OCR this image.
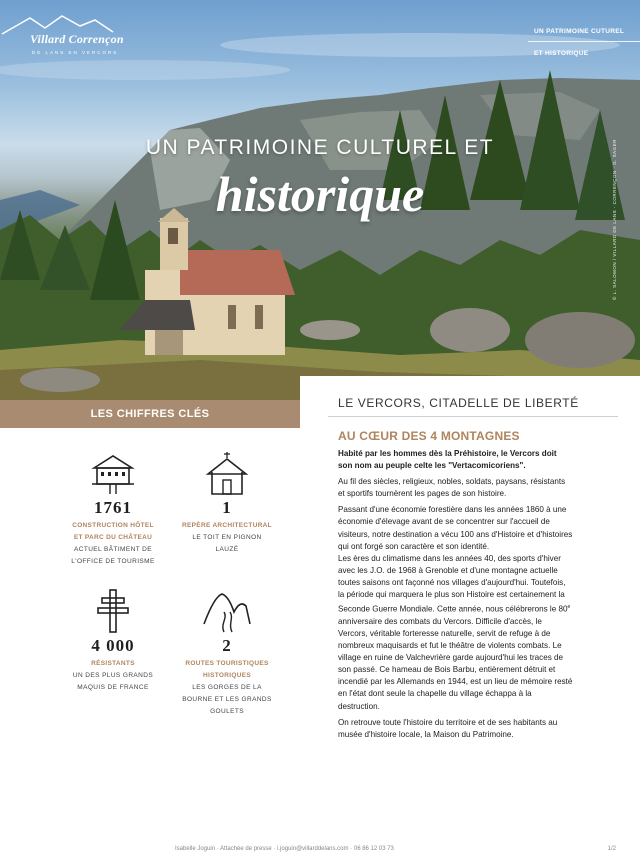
Villard Corrençon
DE LANS EN VERCORS
UN PATRIMOINE CUTUREL
ET HISTORIQUE
UN PATRIMOINE CULTUREL ET
historique	© L. SALOMON / VILLARD DE LANS - CORRENÇON · G. SAGER
LES CHIFFRES CLÉS
1761
CONSTRUCTION HÔTEL
ET PARC DU CHÂTEAU
ACTUEL BÂTIMENT DE
L'OFFICE DE TOURISME
1
REPÈRE ARCHITECTURAL
LE TOIT EN PIGNON
LAUZÉ
4 000
RÉSISTANTS
UN DES PLUS GRANDS
MAQUIS DE FRANCE
2
ROUTES TOURISTIQUES
HISTORIQUES
LES GORGES DE LA
BOURNE ET LES GRANDS
GOULETS
LE VERCORS, CITADELLE DE LIBERTÉ
AU CŒUR DES 4 MONTAGNES

Habité par les hommes dès la Préhistoire, le Vercors doit son nom au peuple celte les "Vertacomicoriens".

Au fil des siècles, religieux, nobles, soldats, paysans, résistants et sportifs tournèrent les pages de son histoire.

Passant d'une économie forestière dans les années 1860 à une économie d'élevage avant de se concentrer sur l'accueil de visiteurs, notre destination a vécu 100 ans d'Histoire et d'histoires qui ont forgé son caractère et son identité.

Les ères du climatisme dans les années 40, des sports d'hiver avec les J.O. de 1968 à Grenoble et d'une montagne actuelle toutes saisons ont façonné nos villages d'aujourd'hui. Toutefois, la période qui marquera le plus son Histoire est certainement la Seconde Guerre Mondiale. Cette année, nous célébrerons le 80e anniversaire des combats du Vercors. Difficile d'accès, le Vercors, véritable forteresse naturelle, servit de refuge à de nombreux maquisards et fut le théâtre de violents combats. Le village en ruine de Valchevrière garde aujourd'hui les traces de son passé. Ce hameau de Bois Barbu, entièrement détruit et incendié par les Allemands en 1944, est un lieu de mémoire resté en l'état dont seule la chapelle du village échappa à la destruction.

On retrouve toute l'histoire du territoire et de ses habitants au musée d'histoire locale, la Maison du Patrimoine.

Isabelle Joguin · Attachée de presse · i.joguin@villarddelans.com · 06 86 12 03 73	1/2
